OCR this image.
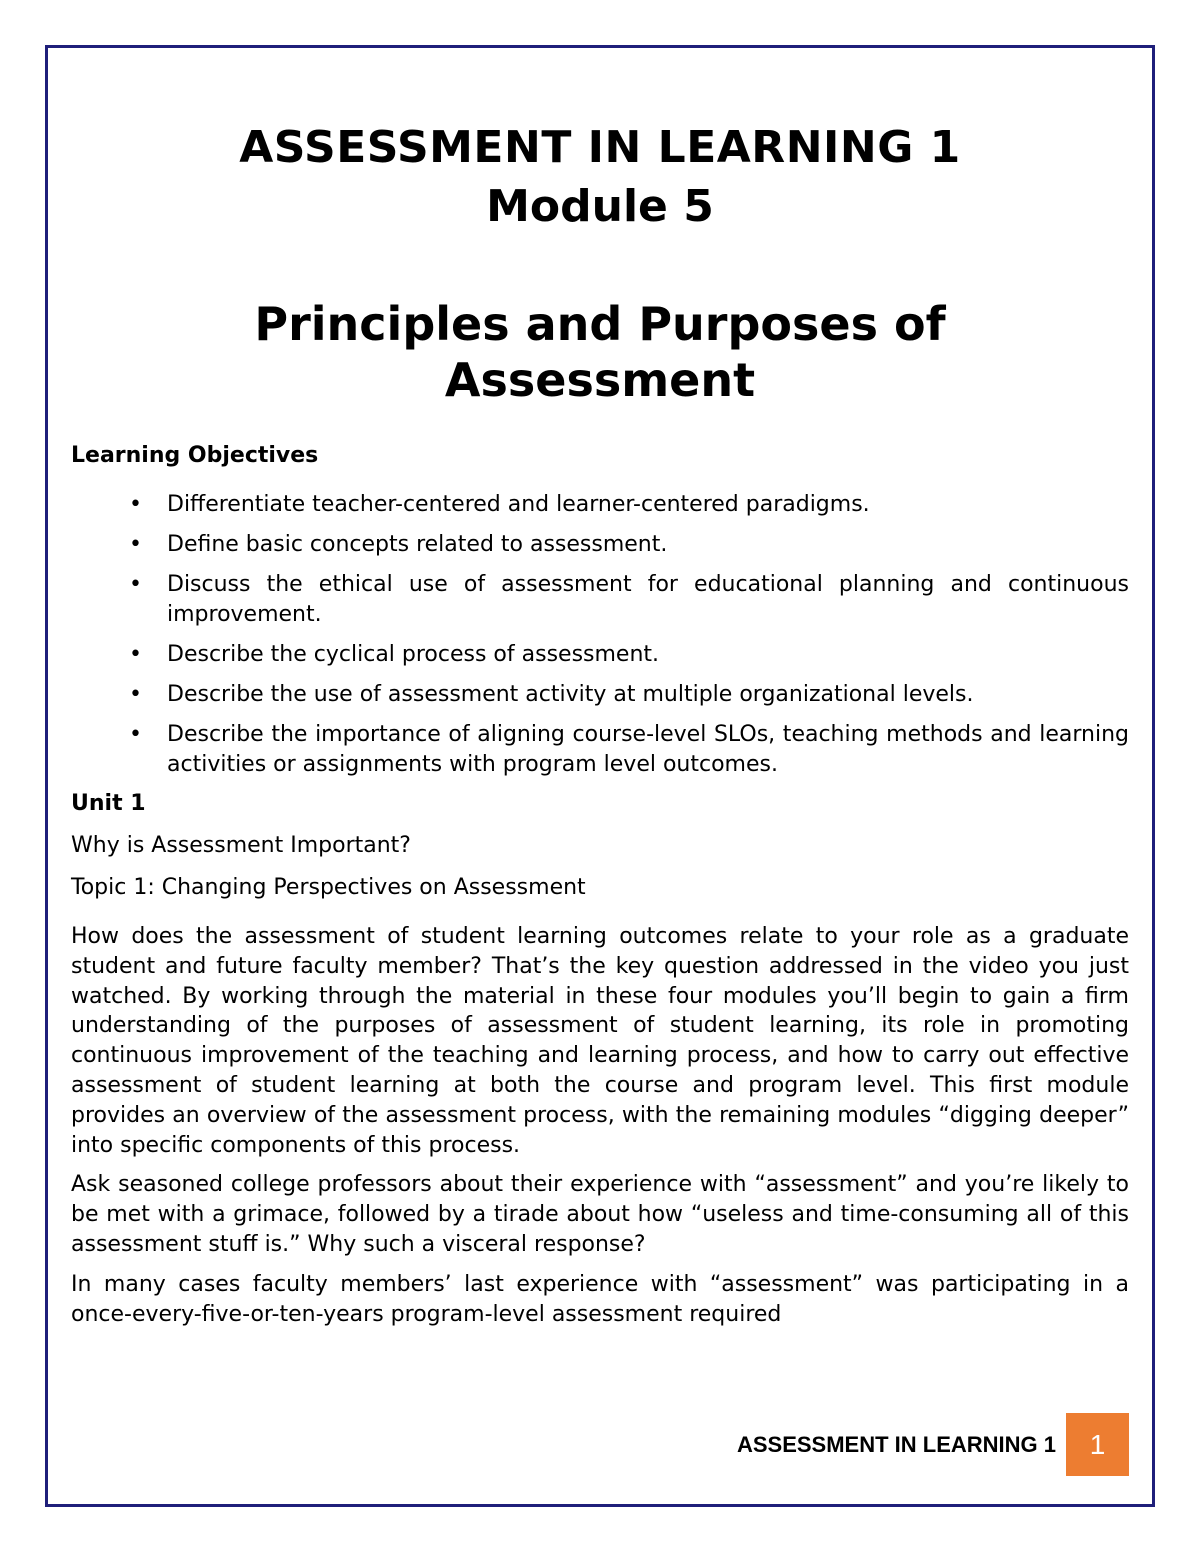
ASSESSMENT IN LEARNING 1
Module 5
Principles and Purposes of
Assessment
Learning Objectives
• Differentiate teacher-centered and learner-centered paradigms.
• Define basic concepts related to assessment.
• Discuss the ethical use of assessment for educational planning and continuous improvement.
• Describe the cyclical process of assessment.
• Describe the use of assessment activity at multiple organizational levels.
• Describe the importance of aligning course-level SLOs, teaching methods and learning activities or assignments with program level outcomes.
Unit 1
Why is Assessment Important?
Topic 1: Changing Perspectives on Assessment

How does the assessment of student learning outcomes relate to your role as a graduate student and future faculty member? That’s the key question addressed in the video you just watched. By working through the material in these four modules you’ll begin to gain a firm understanding of the purposes of assessment of student learning, its role in promoting continuous improvement of the teaching and learning process, and how to carry out effective assessment of student learning at both the course and program level. This first module provides an overview of the assessment process, with the remaining modules “digging deeper” into specific components of this process.

Ask seasoned college professors about their experience with “assessment” and you’re likely to be met with a grimace, followed by a tirade about how “useless and time-consuming all of this assessment stuff is.” Why such a visceral response?

In many cases faculty members’ last experience with “assessment” was participating in a once-every-five-or-ten-years program-level assessment required

ASSESSMENT IN LEARNING 1 1
